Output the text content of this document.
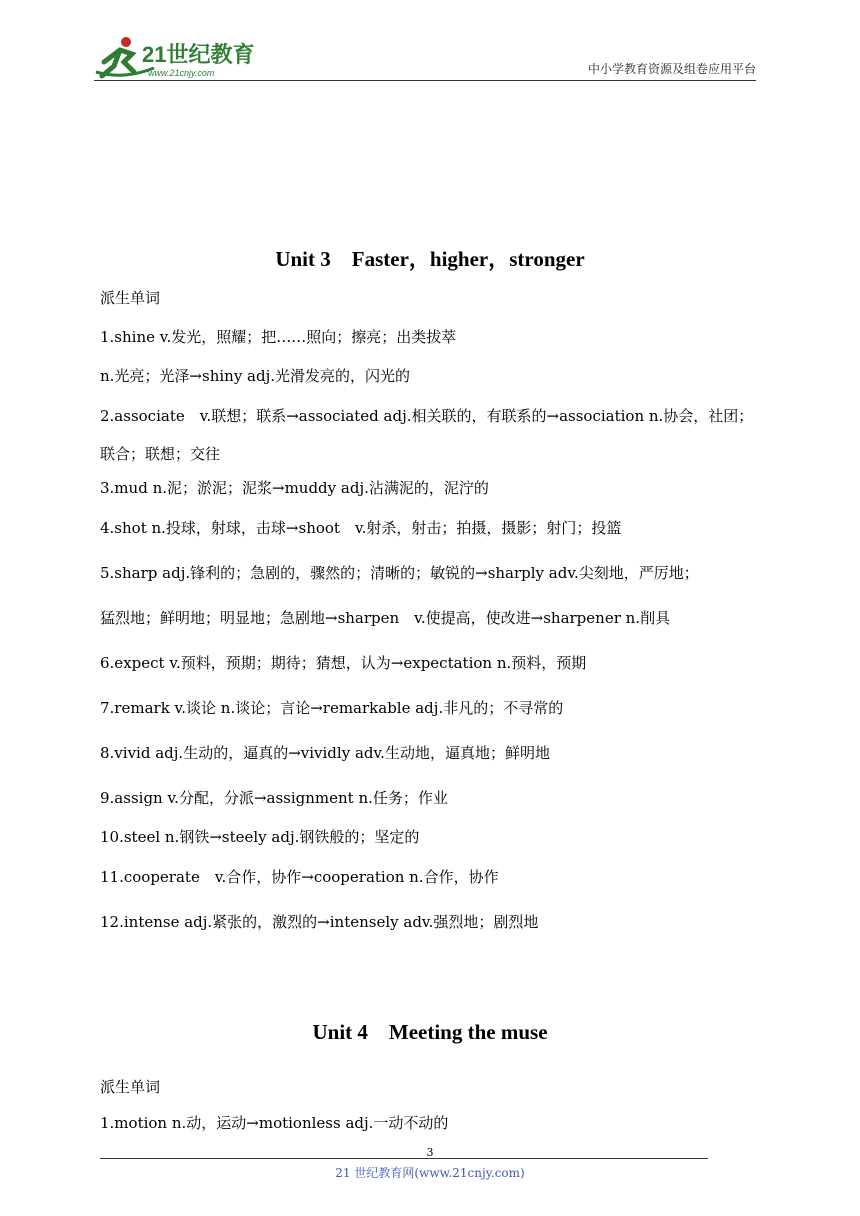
21世纪教育
www.21cnjy.com	中小学教育资源及组卷应用平台
Unit 3　Faster，higher，stronger
派生单词
1.shine v.发光，照耀；把……照向；擦亮；出类拔萃
n.光亮；光泽→shiny adj.光滑发亮的，闪光的
2.associate　v.联想；联系→associated adj.相关联的，有联系的→association n.协会，社团；
联合；联想；交往
3.mud n.泥；淤泥；泥浆→muddy adj.沾满泥的，泥泞的
4.shot n.投球，射球，击球→shoot　v.射杀，射击；拍摄，摄影；射门；投篮
5.sharp adj.锋利的；急剧的，骤然的；清晰的；敏锐的→sharply adv.尖刻地，严厉地；
猛烈地；鲜明地；明显地；急剧地→sharpen　v.使提高，使改进→sharpener n.削具
6.expect v.预料，预期；期待；猜想，认为→expectation n.预料，预期
7.remark v.谈论 n.谈论；言论→remarkable adj.非凡的；不寻常的
8.vivid adj.生动的，逼真的→vividly adv.生动地，逼真地；鲜明地
9.assign v.分配，分派→assignment n.任务；作业
10.steel n.钢铁→steely adj.钢铁般的；坚定的
11.cooperate　v.合作，协作→cooperation n.合作，协作
12.intense adj.紧张的，激烈的→intensely adv.强烈地；剧烈地
Unit 4　Meeting the muse
派生单词
1.motion n.动，运动→motionless adj.一动不动的
3
21 世纪教育网(www.21cnjy.com)
